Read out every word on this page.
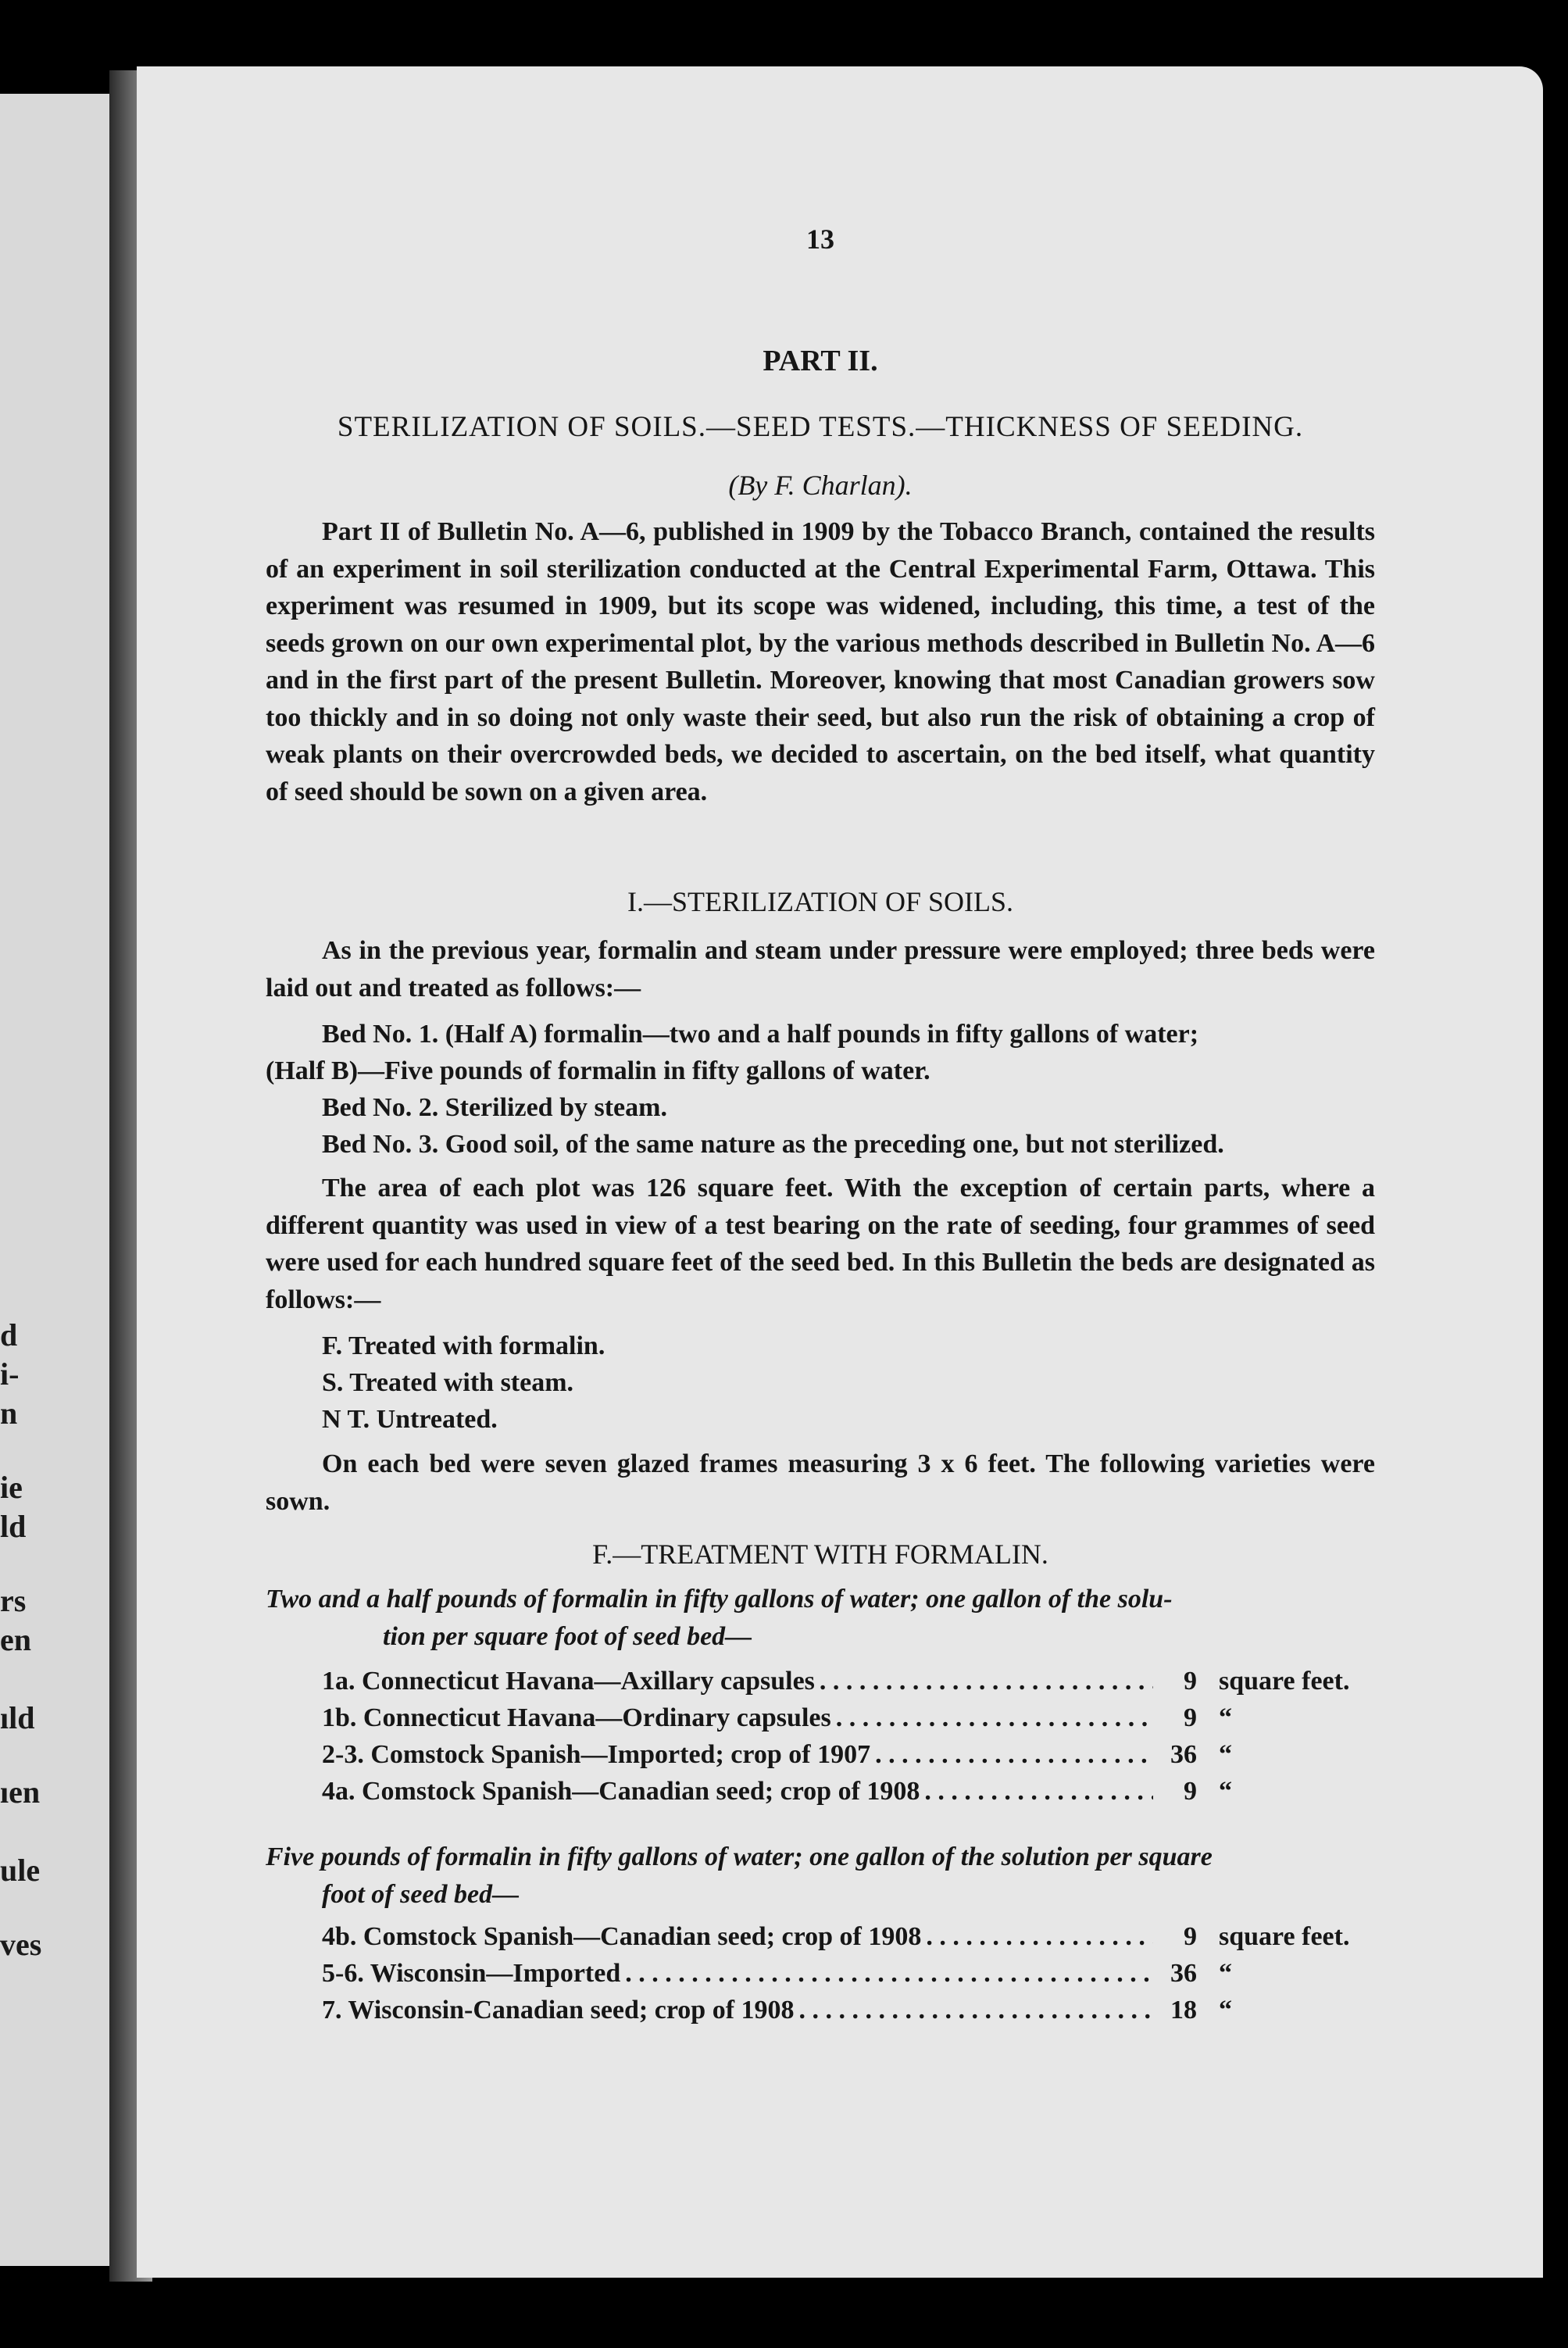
d
i-
n
ie
ld
rs
en
ıld
ıen
ule
ves
13
PART II.
STERILIZATION OF SOILS.—SEED TESTS.—THICKNESS OF SEEDING.
(By F. Charlan).

Part II of Bulletin No. A—6, published in 1909 by the Tobacco Branch, contained the results of an experiment in soil sterilization conducted at the Central Experimental Farm, Ottawa. This experiment was resumed in 1909, but its scope was widened, including, this time, a test of the seeds grown on our own experimental plot, by the various methods described in Bulletin No. A—6 and in the first part of the present Bulletin. Moreover, knowing that most Canadian growers sow too thickly and in so doing not only waste their seed, but also run the risk of obtaining a crop of weak plants on their overcrowded beds, we decided to ascertain, on the bed itself, what quantity of seed should be sown on a given area.

I.—STERILIZATION OF SOILS.

As in the previous year, formalin and steam under pressure were employed; three beds were laid out and treated as follows:—

Bed No. 1. (Half A) formalin—two and a half pounds in fifty gallons of water;

(Half B)—Five pounds of formalin in fifty gallons of water.

Bed No. 2. Sterilized by steam.

Bed No. 3. Good soil, of the same nature as the preceding one, but not sterilized.

The area of each plot was 126 square feet. With the exception of certain parts, where a different quantity was used in view of a test bearing on the rate of seeding, four grammes of seed were used for each hundred square feet of the seed bed. In this Bulletin the beds are designated as follows:—

F. Treated with formalin.

S. Treated with steam.

N T. Untreated.

On each bed were seven glazed frames measuring 3 x 6 feet. The following varieties were sown.

F.—TREATMENT WITH FORMALIN.

Two and a half pounds of formalin in fifty gallons of water; one gallon of the solu-
tion per square foot of seed bed—

1a. Connecticut Havana—Axillary capsules . . .	9 square feet.
1b. Connecticut Havana—Ordinary capsules . . .	9 “
2-3. Comstock Spanish—Imported; crop of 1907 . . .	36 “
4a. Comstock Spanish—Canadian seed; crop of 1908 . . .	9 “

Five pounds of formalin in fifty gallons of water; one gallon of the solution per square
foot of seed bed—

4b. Comstock Spanish—Canadian seed; crop of 1908 . . .	9 square feet.
5-6. Wisconsin—Imported . . .	36 “
7. Wisconsin-Canadian seed; crop of 1908 . . .	18 “
